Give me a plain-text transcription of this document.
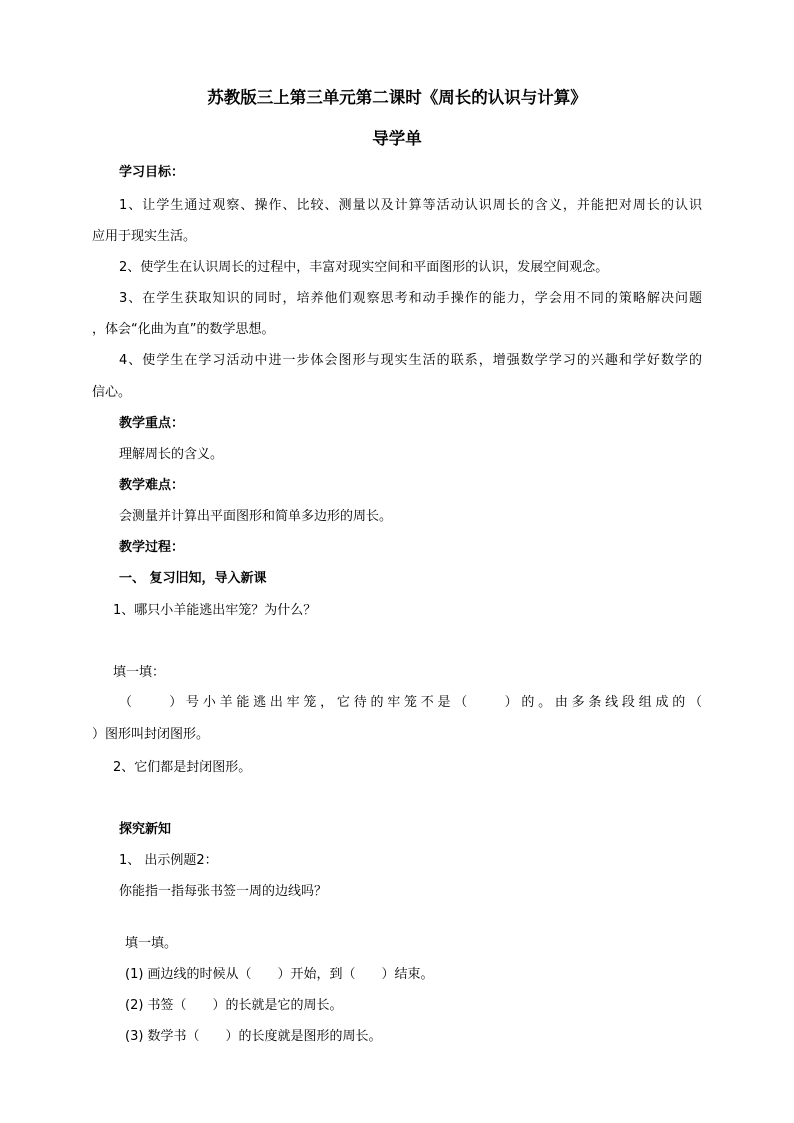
苏教版三上第三单元第二课时《周长的认识与计算》
导学单
学习目标：
1、让学生通过观察、操作、比较、测量以及计算等活动认识周长的含义，并能把对周长的认识
应用于现实生活。
2、使学生在认识周长的过程中，丰富对现实空间和平面图形的认识，发展空间观念。
3、在学生获取知识的同时，培养他们观察思考和动手操作的能力，学会用不同的策略解决问题
，体会“化曲为直”的数学思想。
4、使学生在学习活动中进一步体会图形与现实生活的联系，增强数学学习的兴趣和学好数学的
信心。
教学重点：
理解周长的含义。
教学难点：
会测量并计算出平面图形和简单多边形的周长。
教学过程：
一、 复习旧知，导入新课
1、哪只小羊能逃出牢笼？为什么？
填一填：
（　　）号小羊能逃出牢笼，它待的牢笼不是（　　）的。由多条线段组成的（
）图形叫封闭图形。
2、它们都是封闭图形。
探究新知
1、 出示例题2：
你能指一指每张书签一周的边线吗？
填一填。
(1) 画边线的时候从（　　）开始，到（　　）结束。
(2) 书签（　　）的长就是它的周长。
(3) 数学书（　　）的长度就是图形的周长。
